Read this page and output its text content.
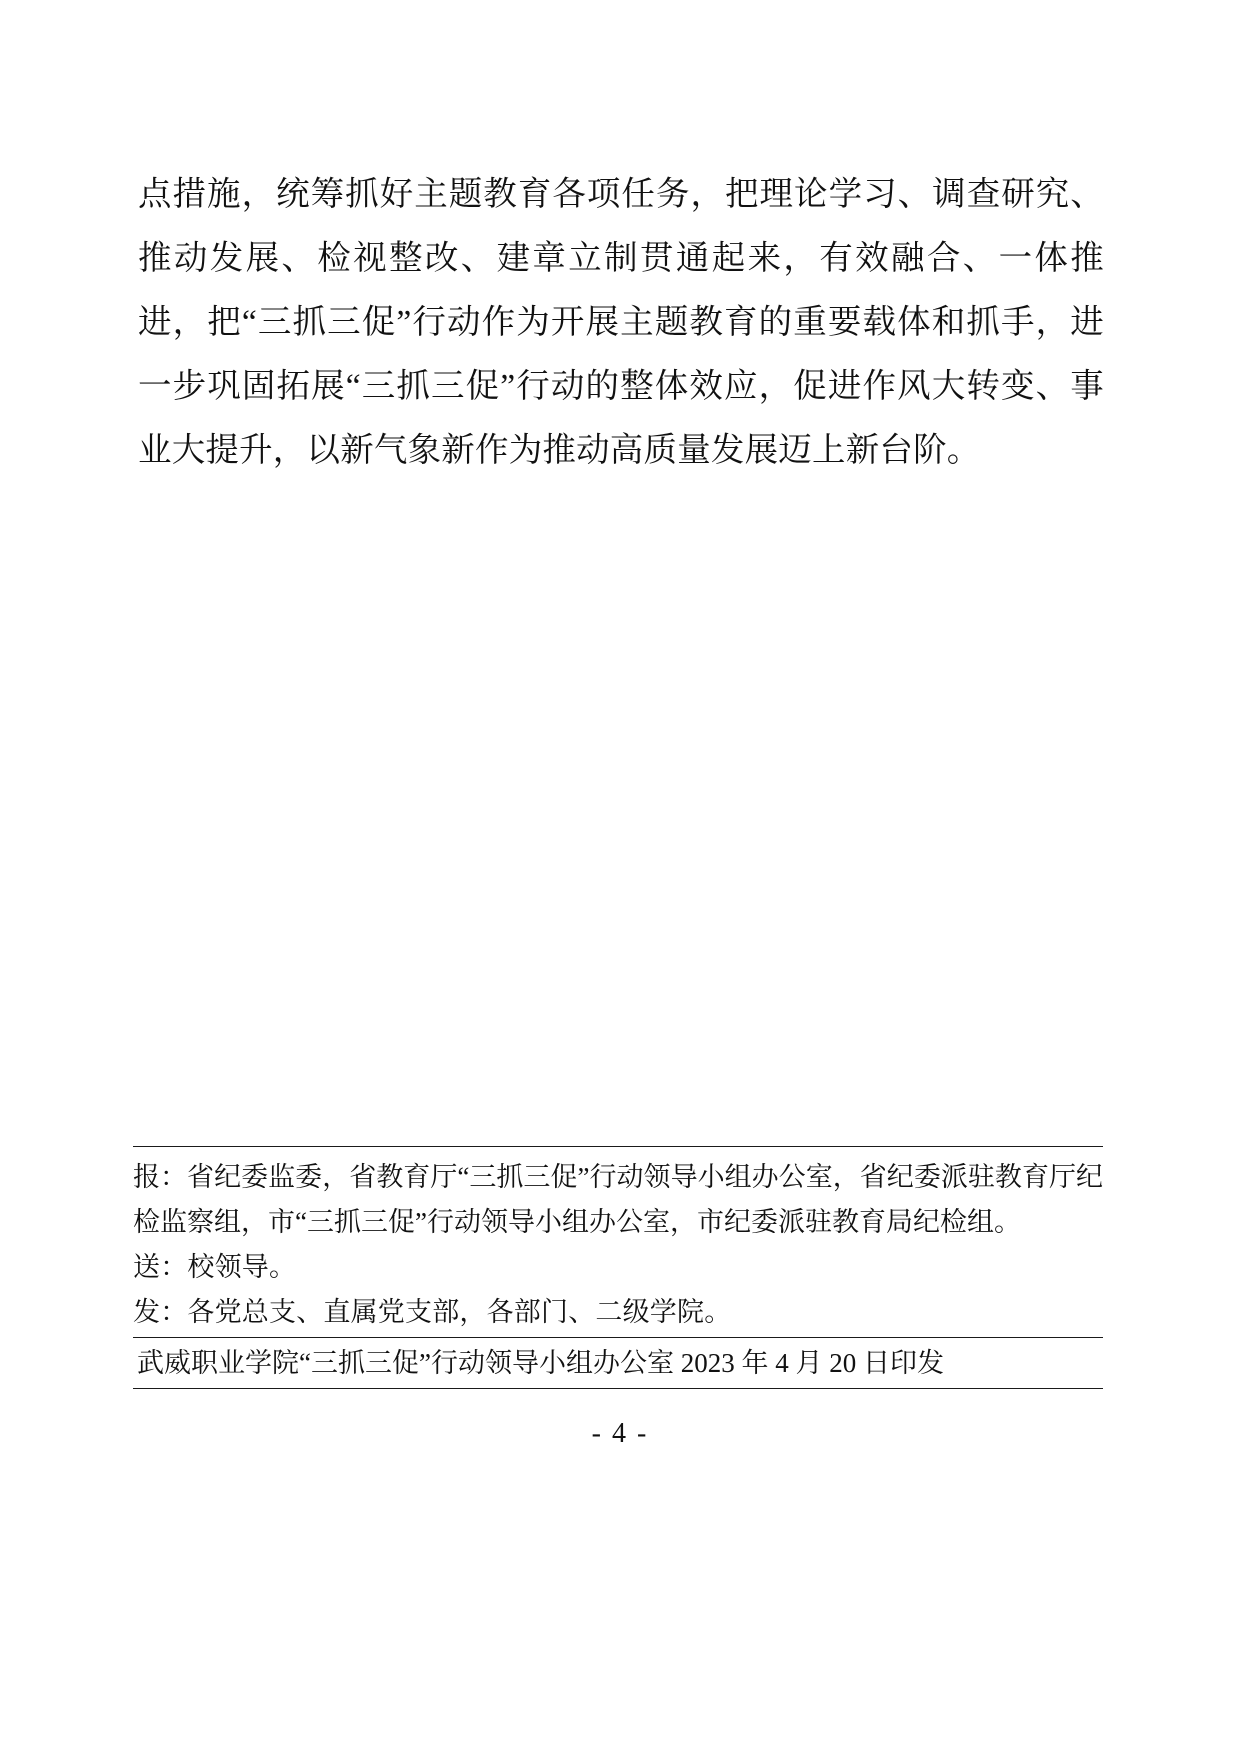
点措施，统筹抓好主题教育各项任务，把理论学习、调查研究、推动发展、检视整改、建章立制贯通起来，有效融合、一体推进，把“三抓三促”行动作为开展主题教育的重要载体和抓手，进一步巩固拓展“三抓三促”行动的整体效应，促进作风大转变、事业大提升，以新气象新作为推动高质量发展迈上新台阶。

报：省纪委监委，省教育厅“三抓三促”行动领导小组办公室，省纪委派驻教育厅纪检监察组，市“三抓三促”行动领导小组办公室，市纪委派驻教育局纪检组。
送：校领导。
发：各党总支、直属党支部，各部门、二级学院。
武威职业学院“三抓三促”行动领导小组办公室 2023 年 4 月 20 日印发
- 4 -
